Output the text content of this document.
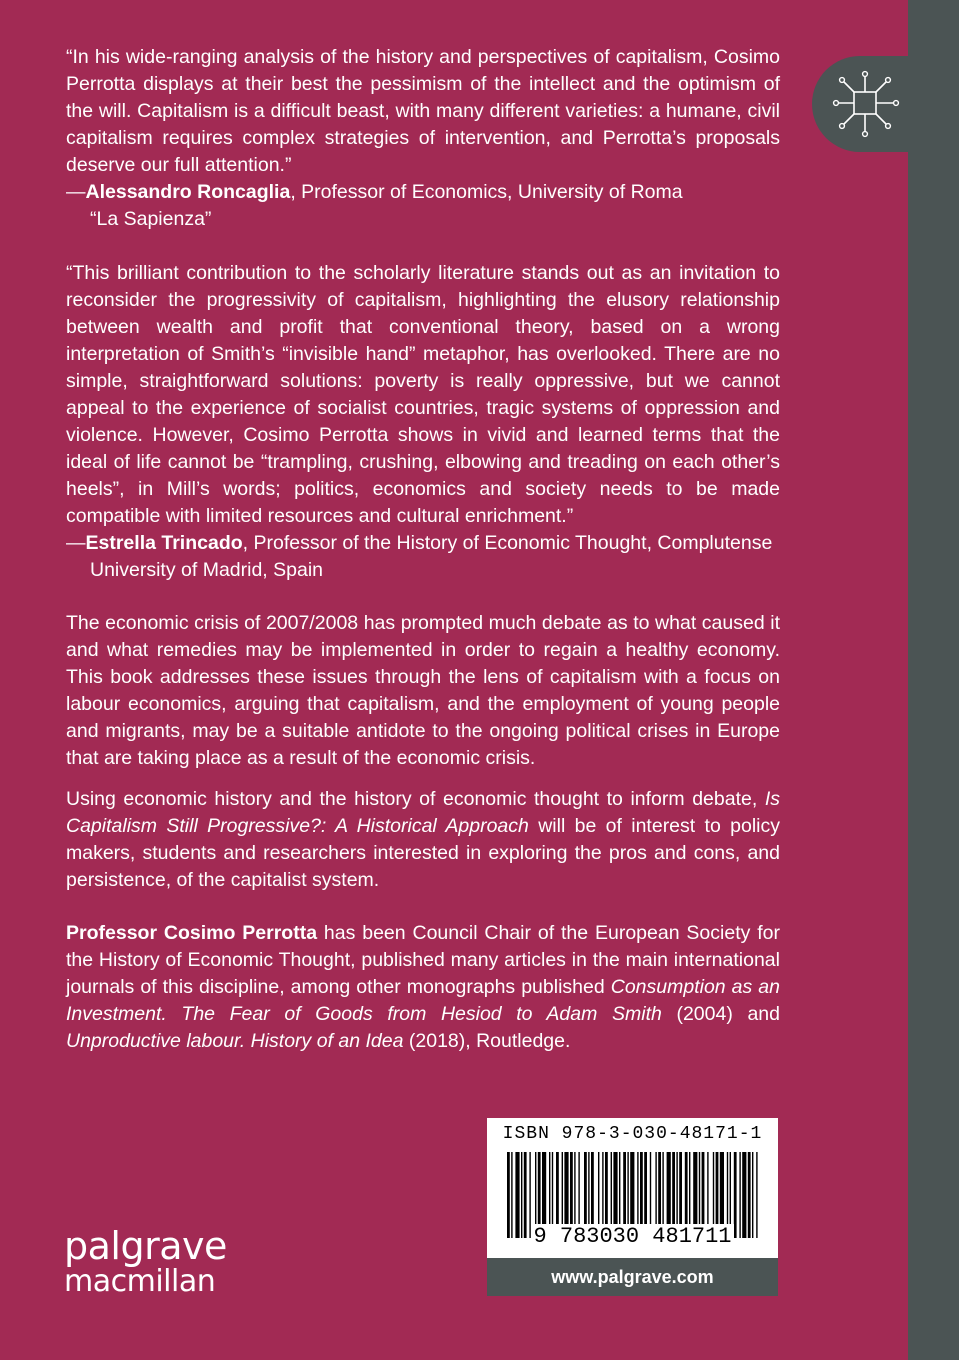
“In his wide-ranging analysis of the history and perspectives of capitalism, Cosimo Perrotta displays at their best the pessimism of the intellect and the optimism of the will. Capitalism is a difficult beast, with many different varieties: a humane, civil capitalism requires complex strategies of intervention, and Perrotta’s proposals deserve our full attention.”

—Alessandro Roncaglia, Professor of Economics, University of Roma
“La Sapienza”

“This brilliant contribution to the scholarly literature stands out as an invitation to reconsider the progressivity of capitalism, highlighting the elusory relationship between wealth and profit that conventional theory, based on a wrong interpretation of Smith’s “invisible hand” metaphor, has overlooked. There are no simple, straightforward solutions: poverty is really oppressive, but we cannot appeal to the experience of socialist countries, tragic systems of oppression and violence. However, Cosimo Perrotta shows in vivid and learned terms that the ideal of life cannot be “trampling, crushing, elbowing and treading on each other’s heels”, in Mill’s words; politics, economics and society needs to be made compatible with limited resources and cultural enrichment.”

—Estrella Trincado, Professor of the History of Economic Thought, Complutense
University of Madrid, Spain

The economic crisis of 2007/2008 has prompted much debate as to what caused it and what remedies may be implemented in order to regain a healthy economy. This book addresses these issues through the lens of capitalism with a focus on labour economics, arguing that capitalism, and the employment of young people and migrants, may be a suitable antidote to the ongoing political crises in Europe that are taking place as a result of the economic crisis.

Using economic history and the history of economic thought to inform debate, Is Capitalism Still Progressive?: A Historical Approach will be of interest to policy makers, students and researchers interested in exploring the pros and cons, and persistence, of the capitalist system.

Professor Cosimo Perrotta has been Council Chair of the European Society for the History of Economic Thought, published many articles in the main international journals of this discipline, among other monographs published Consumption as an Investment. The Fear of Goods from Hesiod to Adam Smith (2004) and Unproductive labour. History of an Idea (2018), Routledge.

palgrave
macmillan
ISBN 978-3-030-48171-1
9 783030 481711
www.palgrave.com
